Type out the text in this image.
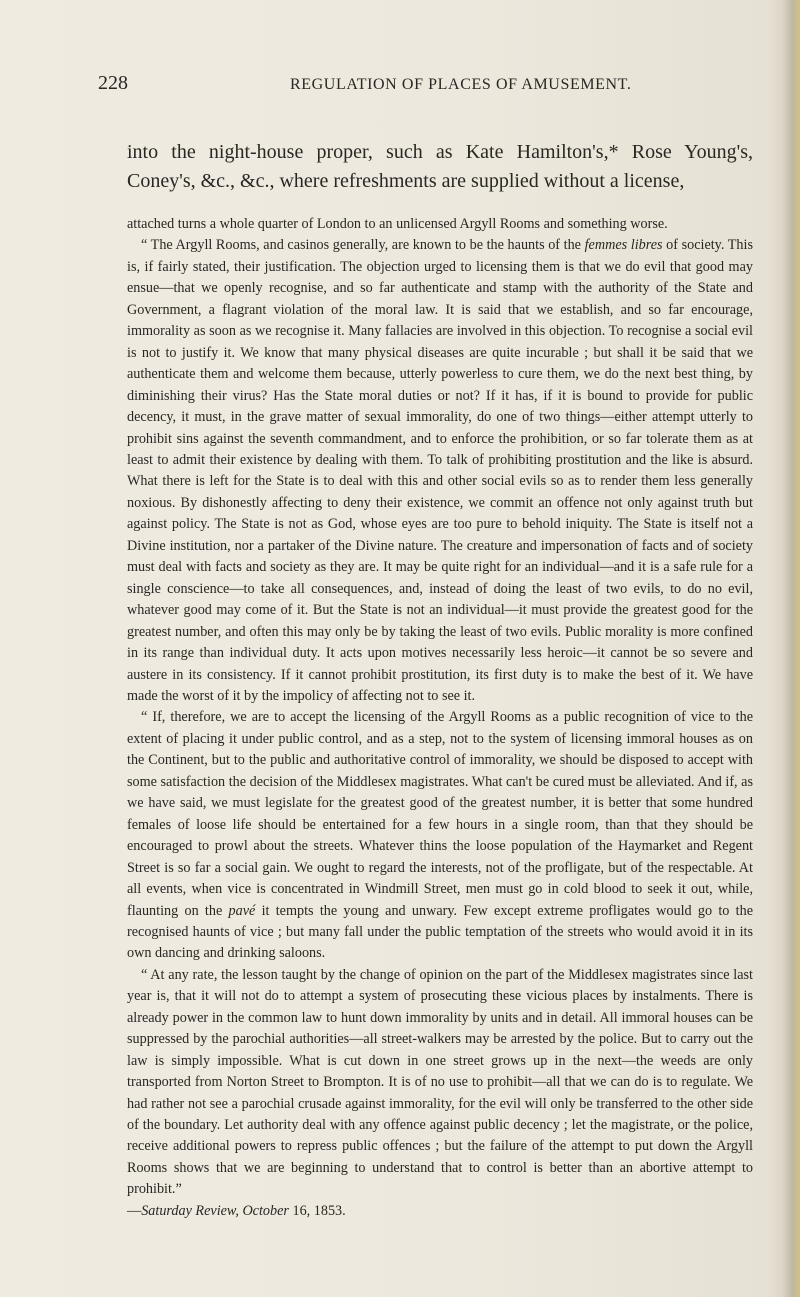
228	REGULATION OF PLACES OF AMUSEMENT.
into the night-house proper, such as Kate Hamilton's,* Rose Young's, Coney's, &c., &c., where refreshments are supplied without a license,

attached turns a whole quarter of London to an unlicensed Argyll Rooms and something worse.

“ The Argyll Rooms, and casinos generally, are known to be the haunts of the femmes libres of society. This is, if fairly stated, their justification. The objection urged to licensing them is that we do evil that good may ensue—that we openly recognise, and so far authenticate and stamp with the authority of the State and Government, a flagrant violation of the moral law. It is said that we establish, and so far encourage, immorality as soon as we recognise it. Many fallacies are involved in this objection. To recognise a social evil is not to justify it. We know that many physical diseases are quite incurable ; but shall it be said that we authenticate them and welcome them because, utterly powerless to cure them, we do the next best thing, by diminishing their virus? Has the State moral duties or not? If it has, if it is bound to provide for public decency, it must, in the grave matter of sexual immorality, do one of two things—either attempt utterly to prohibit sins against the seventh commandment, and to enforce the prohibition, or so far tolerate them as at least to admit their existence by dealing with them. To talk of prohibiting prostitution and the like is absurd. What there is left for the State is to deal with this and other social evils so as to render them less generally noxious. By dishonestly affecting to deny their existence, we commit an offence not only against truth but against policy. The State is not as God, whose eyes are too pure to behold iniquity. The State is itself not a Divine institution, nor a partaker of the Divine nature. The creature and impersonation of facts and of society must deal with facts and society as they are. It may be quite right for an individual—and it is a safe rule for a single conscience—to take all consequences, and, instead of doing the least of two evils, to do no evil, whatever good may come of it. But the State is not an individual—it must provide the greatest good for the greatest number, and often this may only be by taking the least of two evils. Public morality is more confined in its range than individual duty. It acts upon motives necessarily less heroic—it cannot be so severe and austere in its consistency. If it cannot prohibit prostitution, its first duty is to make the best of it. We have made the worst of it by the impolicy of affecting not to see it.

“ If, therefore, we are to accept the licensing of the Argyll Rooms as a public recognition of vice to the extent of placing it under public control, and as a step, not to the system of licensing immoral houses as on the Continent, but to the public and authoritative control of immorality, we should be disposed to accept with some satisfaction the decision of the Middlesex magistrates. What can't be cured must be alleviated. And if, as we have said, we must legislate for the greatest good of the greatest number, it is better that some hundred females of loose life should be entertained for a few hours in a single room, than that they should be encouraged to prowl about the streets. Whatever thins the loose population of the Haymarket and Regent Street is so far a social gain. We ought to regard the interests, not of the profligate, but of the respectable. At all events, when vice is concentrated in Windmill Street, men must go in cold blood to seek it out, while, flaunting on the pavé it tempts the young and unwary. Few except extreme profligates would go to the recognised haunts of vice ; but many fall under the public temptation of the streets who would avoid it in its own dancing and drinking saloons.

“ At any rate, the lesson taught by the change of opinion on the part of the Middlesex magistrates since last year is, that it will not do to attempt a system of prosecuting these vicious places by instalments. There is already power in the common law to hunt down immorality by units and in detail. All immoral houses can be suppressed by the parochial authorities—all street-walkers may be arrested by the police. But to carry out the law is simply impossible. What is cut down in one street grows up in the next—the weeds are only transported from Norton Street to Brompton. It is of no use to prohibit—all that we can do is to regulate. We had rather not see a parochial crusade against immorality, for the evil will only be transferred to the other side of the boundary. Let authority deal with any offence against public decency ; let the magistrate, or the police, receive additional powers to repress public offences ; but the failure of the attempt to put down the Argyll Rooms shows that we are beginning to understand that to control is better than an abortive attempt to prohibit.”
—Saturday Review, October 16, 1853.
